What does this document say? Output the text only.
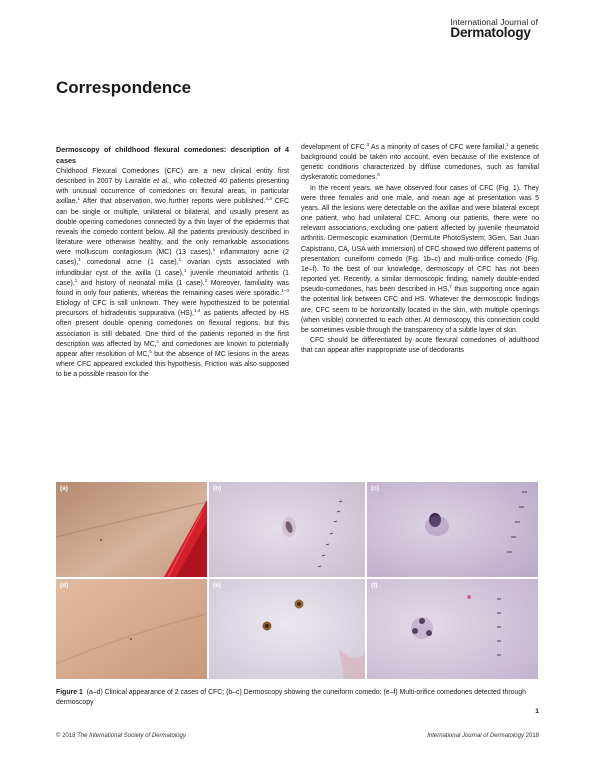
International Journal of
Dermatology
Correspondence
Dermoscopy of childhood flexural comedones: description of 4 cases

Childhood Flexural Comedones (CFC) are a new clinical entity first described in 2007 by Larralde et al., who collected 40 patients presenting with unusual occurrence of comedones on flexural areas, in particular axillae.$^1$ After that observation, two further reports were published.$^{2,3}$ CFC can be single or multiple, unilateral or bilateral, and usually present as double opening comedones connected by a thin layer of the epidermis that reveals the comedo content below. All the patients previously described in literature were otherwise healthy, and the only remarkable associations were molluscum contagiosum (MC) (13 cases),$^1$ inflammatory acne (2 cases),$^1$ comedonal acne (1 case),$^1$ ovarian cysts associated with infundibular cyst of the axilla (1 case),$^1$ juvenile rheumatoid arthritis (1 case),$^1$ and history of neonatal milia (1 case).$^2$ Moreover, familiality was found in only four patients, whereas the remaining cases were sporadic.$^{1-3}$ Etiology of CFC is still unknown. They were hypothesized to be potential precursors of hidradenitis suppurativa (HS),$^{1,4}$ as patients affected by HS often present double opening comedones on flexural regions, but this association is still debated. One third of the patients reported in the first description was affected by MC,$^1$ and comedones are known to potentially appear after resolution of MC,$^5$ but the absence of MC lesions in the areas where CFC appeared excluded this hypothesis. Friction was also supposed to be a possible reason for the

development of CFC.$^3$ As a minority of cases of CFC were familial,$^1$ a genetic background could be taken into account, even because of the existence of genetic conditions characterized by diffuse comedones, such as familial dyskeratotic comedones.$^6$

In the recent years, we have observed four cases of CFC (Fig. 1). They were three females and one male, and mean age at presentation was 5 years. All the lesions were detectable on the axillae and were bilateral except one patient, who had unilateral CFC. Among our patients, there were no relevant associations, excluding one patient affected by juvenile rheumatoid arthritis. Dermoscopic examination (DermLite PhotoSystem; 3Gen, San Juan Capistrano, CA, USA with immersion) of CFC showed two different patterns of presentation: cuneiform comedo (Fig. 1b–c) and multi-orifice comedo (Fig. 1e–f). To the best of our knowledge, dermoscopy of CFC has not been reported yet. Recently, a similar dermoscopic finding, namely double-ended pseudo-comedones, has been described in HS,$^7$ thus supporting once again the potential link between CFC and HS. Whatever the dermoscopic findings are, CFC seem to be horizontally located in the skin, with multiple openings (when visible) connected to each other. At dermoscopy, this connection could be sometimes visible through the transparency of a subtle layer of skin.

CFC should be differentiated by acute flexural comedones of adulthood that can appear after inappropriate use of deodorants

(a)	(b)	(c)
(d)	(e)	(f)
Figure 1 (a–d) Clinical appearance of 2 cases of CFC; (b–c) Dermoscopy showing the cuneiform comedo; (e–f) Multi-orifice comedones detected through dermoscopy
1
© 2018 The International Society of Dermatology	International Journal of Dermatology 2018
